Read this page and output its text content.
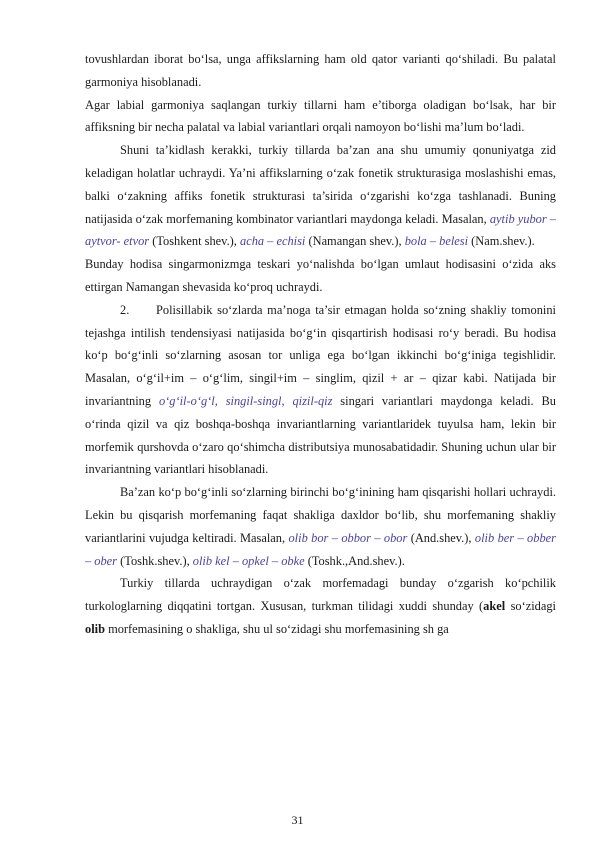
tovushlardan iborat bo‘lsa, unga affikslarning ham old qator varianti qo‘shiladi. Bu palatal garmoniya hisoblanadi.

Agar labial garmoniya saqlangan turkiy tillarni ham e’tiborga oladigan bo‘lsak, har bir affiksning bir necha palatal va labial variantlari orqali namoyon bo‘lishi ma’lum bo‘ladi.

Shuni ta’kidlash kerakki, turkiy tillarda ba’zan ana shu umumiy qonuniyatga zid keladigan holatlar uchraydi. Ya’ni affikslarning o‘zak fonetik strukturasiga moslashishi emas, balki o‘zakning affiks fonetik strukturasi ta’sirida o‘zgarishi ko‘zga tashlanadi. Buning natijasida o‘zak morfemaning kombinator variantlari maydonga keladi. Masalan, aytib yubor – aytvor- etvor (Toshkent shev.), acha – echisi (Namangan shev.), bola – belesi (Nam.shev.).

Bunday hodisa singarmonizmga teskari yo‘nalishda bo‘lgan umlaut hodisasini o‘zida aks ettirgan Namangan shevasida ko‘proq uchraydi.

2. Polisillabik so‘zlarda ma’noga ta’sir etmagan holda so‘zning shakliy tomonini tejashga intilish tendensiyasi natijasida bo‘g‘in qisqartirish hodisasi ro‘y beradi. Bu hodisa ko‘p bo‘g‘inli so‘zlarning asosan tor unliga ega bo‘lgan ikkinchi bo‘g‘iniga tegishlidir. Masalan, o‘g‘il+im – o‘g‘lim, singil+im – singlim, qizil + ar – qizar kabi. Natijada bir invariantning o‘g‘il-o‘g‘l, singil-singl, qizil-qiz singari variantlari maydonga keladi. Bu o‘rinda qizil va qiz boshqa-boshqa invariantlarning variantlaridek tuyulsa ham, lekin bir morfemik qurshovda o‘zaro qo‘shimcha distributsiya munosabatidadir. Shuning uchun ular bir invariantning variantlari hisoblanadi.

Ba’zan ko‘p bo‘g‘inli so‘zlarning birinchi bo‘g‘inining ham qisqarishi hollari uchraydi. Lekin bu qisqarish morfemaning faqat shakliga daxldor bo‘lib, shu morfemaning shakliy variantlarini vujudga keltiradi. Masalan, olib bor – obbor – obor (And.shev.), olib ber – obber – ober (Toshk.shev.), olib kel – opkel – obke (Toshk.,And.shev.).

Turkiy tillarda uchraydigan o‘zak morfemadagi bunday o‘zgarish ko‘pchilik turkologlarning diqqatini tortgan. Xususan, turkman tilidagi xuddi shunday (akel so‘zidagi olib morfemasining o shakliga, shu ul so‘zidagi shu morfemasining sh ga

31
